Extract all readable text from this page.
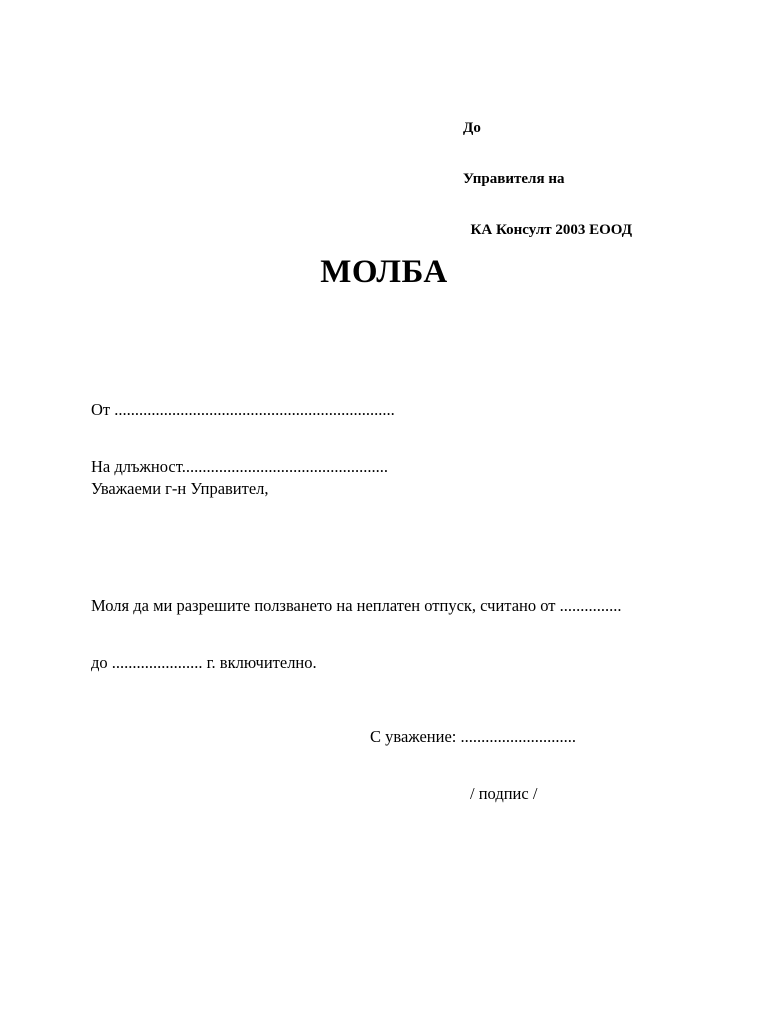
До

Управителя на

КА Консулт 2003 ЕООД

МОЛБА

От ....................................................................

На длъжност..................................................

Уважаеми г-н Управител,

Моля да ми разрешите ползването на неплатен отпуск, считано от ...............

до ...................... г. включително.

С уважение: ............................

/ подпис /
